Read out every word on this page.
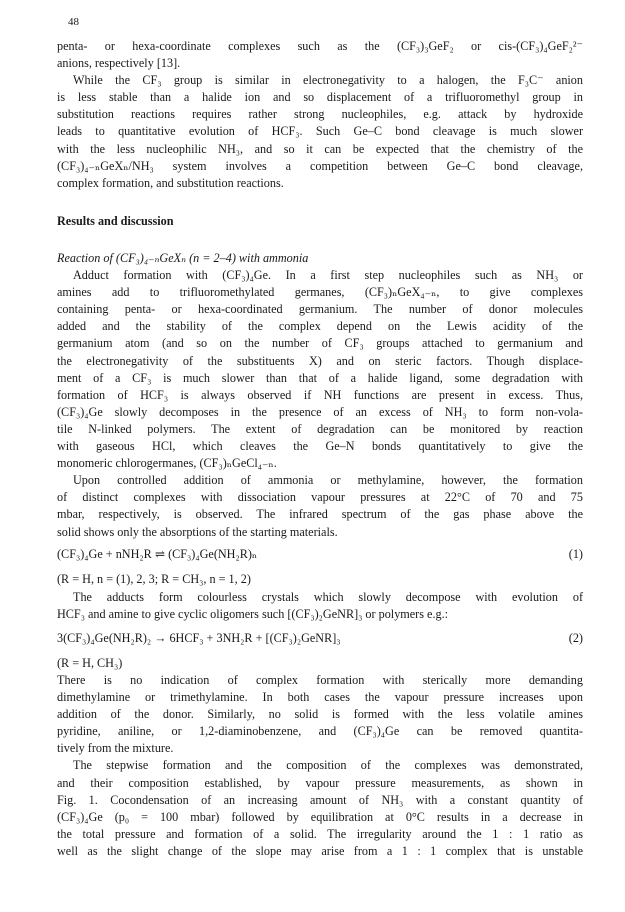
48

penta- or hexa-coordinate complexes such as the (CF₃)₃GeF₂ or cis-(CF₃)₄GeF₂²⁻

anions, respectively [13].

While the CF₃ group is similar in electronegativity to a halogen, the F₃C⁻ anion

is less stable than a halide ion and so displacement of a trifluoromethyl group in

substitution reactions requires rather strong nucleophiles, e.g. attack by hydroxide

leads to quantitative evolution of HCF₃. Such Ge–C bond cleavage is much slower

with the less nucleophilic NH₃, and so it can be expected that the chemistry of the

(CF₃)₄₋ₙGeXₙ/NH₃ system involves a competition between Ge–C bond cleavage,

complex formation, and substitution reactions.

Results and discussion

Reaction of (CF₃)₄₋ₙGeXₙ (n = 2–4) with ammonia

Adduct formation with (CF₃)₄Ge. In a first step nucleophiles such as NH₃ or

amines add to trifluoromethylated germanes, (CF₃)ₙGeX₄₋ₙ, to give complexes

containing penta- or hexa-coordinated germanium. The number of donor molecules

added and the stability of the complex depend on the Lewis acidity of the

germanium atom (and so on the number of CF₃ groups attached to germanium and

the electronegativity of the substituents X) and on steric factors. Though displace-

ment of a CF₃ is much slower than that of a halide ligand, some degradation with

formation of HCF₃ is always observed if NH functions are present in excess. Thus,

(CF₃)₄Ge slowly decomposes in the presence of an excess of NH₃ to form non-vola-

tile N-linked polymers. The extent of degradation can be monitored by reaction

with gaseous HCl, which cleaves the Ge–N bonds quantitatively to give the

monomeric chlorogermanes, (CF₃)ₙGeCl₄₋ₙ.

Upon controlled addition of ammonia or methylamine, however, the formation

of distinct complexes with dissociation vapour pressures at 22°C of 70 and 75

mbar, respectively, is observed. The infrared spectrum of the gas phase above the

solid shows only the absorptions of the starting materials.

(CF₃)₄Ge + nNH₂R ⇌ (CF₃)₄Ge(NH₂R)ₙ	(1)
(R = H, n = (1), 2, 3; R = CH₃, n = 1, 2)

The adducts form colourless crystals which slowly decompose with evolution of

HCF₃ and amine to give cyclic oligomers such [(CF₃)₂GeNR]₃ or polymers e.g.:

3(CF₃)₄Ge(NH₂R)₂ → 6HCF₃ + 3NH₂R + [(CF₃)₂GeNR]₃	(2)
(R = H, CH₃)

There is no indication of complex formation with sterically more demanding

dimethylamine or trimethylamine. In both cases the vapour pressure increases upon

addition of the donor. Similarly, no solid is formed with the less volatile amines

pyridine, aniline, or 1,2-diaminobenzene, and (CF₃)₄Ge can be removed quantita-

tively from the mixture.

The stepwise formation and the composition of the complexes was demonstrated,

and their composition established, by vapour pressure measurements, as shown in

Fig. 1. Cocondensation of an increasing amount of NH₃ with a constant quantity of

(CF₃)₄Ge (p₀ = 100 mbar) followed by equilibration at 0°C results in a decrease in

the total pressure and formation of a solid. The irregularity around the 1 : 1 ratio as

well as the slight change of the slope may arise from a 1 : 1 complex that is unstable
